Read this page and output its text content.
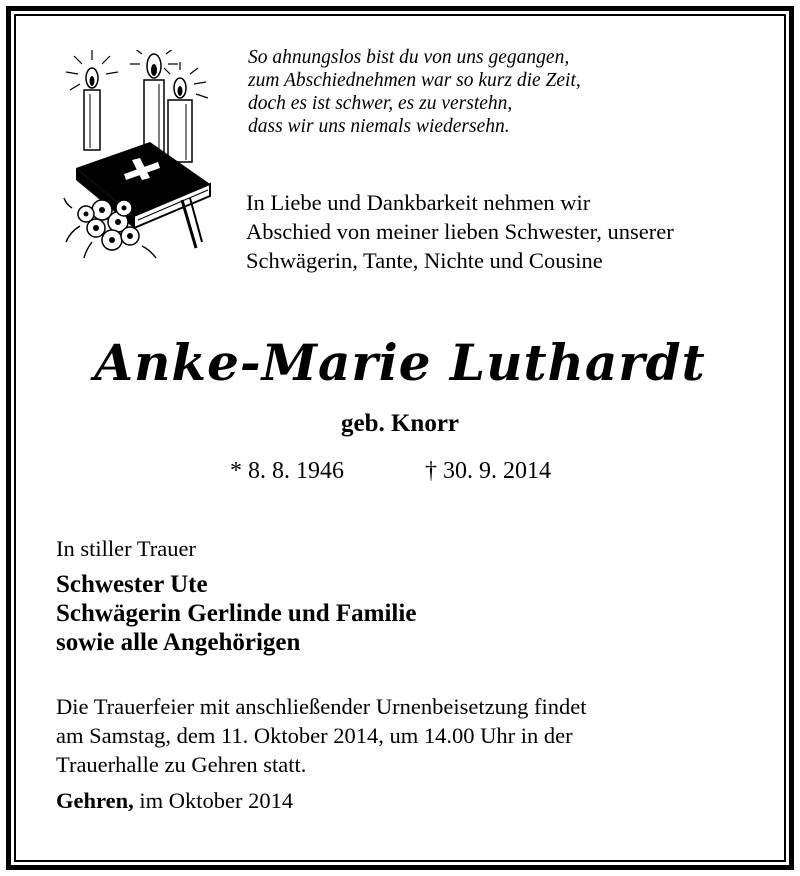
So ahnungslos bist du von uns gegangen,
zum Abschiednehmen war so kurz die Zeit,
doch es ist schwer, es zu verstehn,
dass wir uns niemals wiedersehn.
In Liebe und Dankbarkeit nehmen wir
Abschied von meiner lieben Schwester, unserer
Schwägerin, Tante, Nichte und Cousine
Anke-Marie Luthardt
geb. Knorr
* 8. 8. 1946	† 30. 9. 2014
In stiller Trauer
Schwester Ute
Schwägerin Gerlinde und Familie
sowie alle Angehörigen
Die Trauerfeier mit anschließender Urnenbeisetzung findet
am Samstag, dem 11. Oktober 2014, um 14.00 Uhr in der
Trauerhalle zu Gehren statt.
Gehren, im Oktober 2014
